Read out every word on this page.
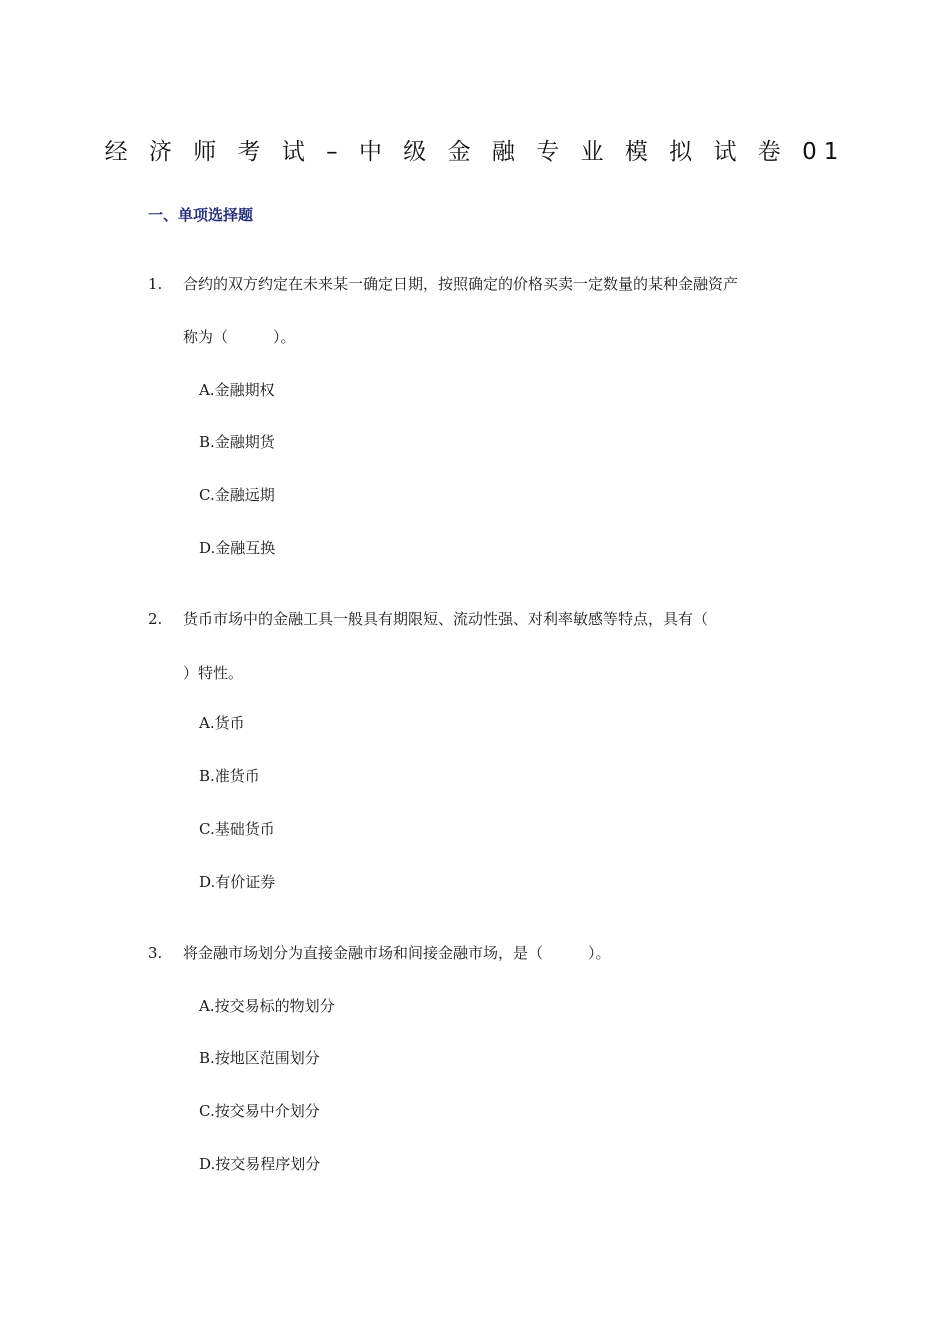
经 济 师 考 试 – 中 级 金 融 专 业 模 拟 试 卷 01
一、单项选择题
1. 合约的双方约定在未来某一确定日期，按照确定的价格买卖一定数量的某种金融资产
称为（　　　）。
A.金融期权
B.金融期货
C.金融远期
D.金融互换
2. 货币市场中的金融工具一般具有期限短、流动性强、对利率敏感等特点，具有（
）特性。
A.货币
B.准货币
C.基础货币
D.有价证券
3. 将金融市场划分为直接金融市场和间接金融市场，是（　　　）。
A.按交易标的物划分
B.按地区范围划分
C.按交易中介划分
D.按交易程序划分
